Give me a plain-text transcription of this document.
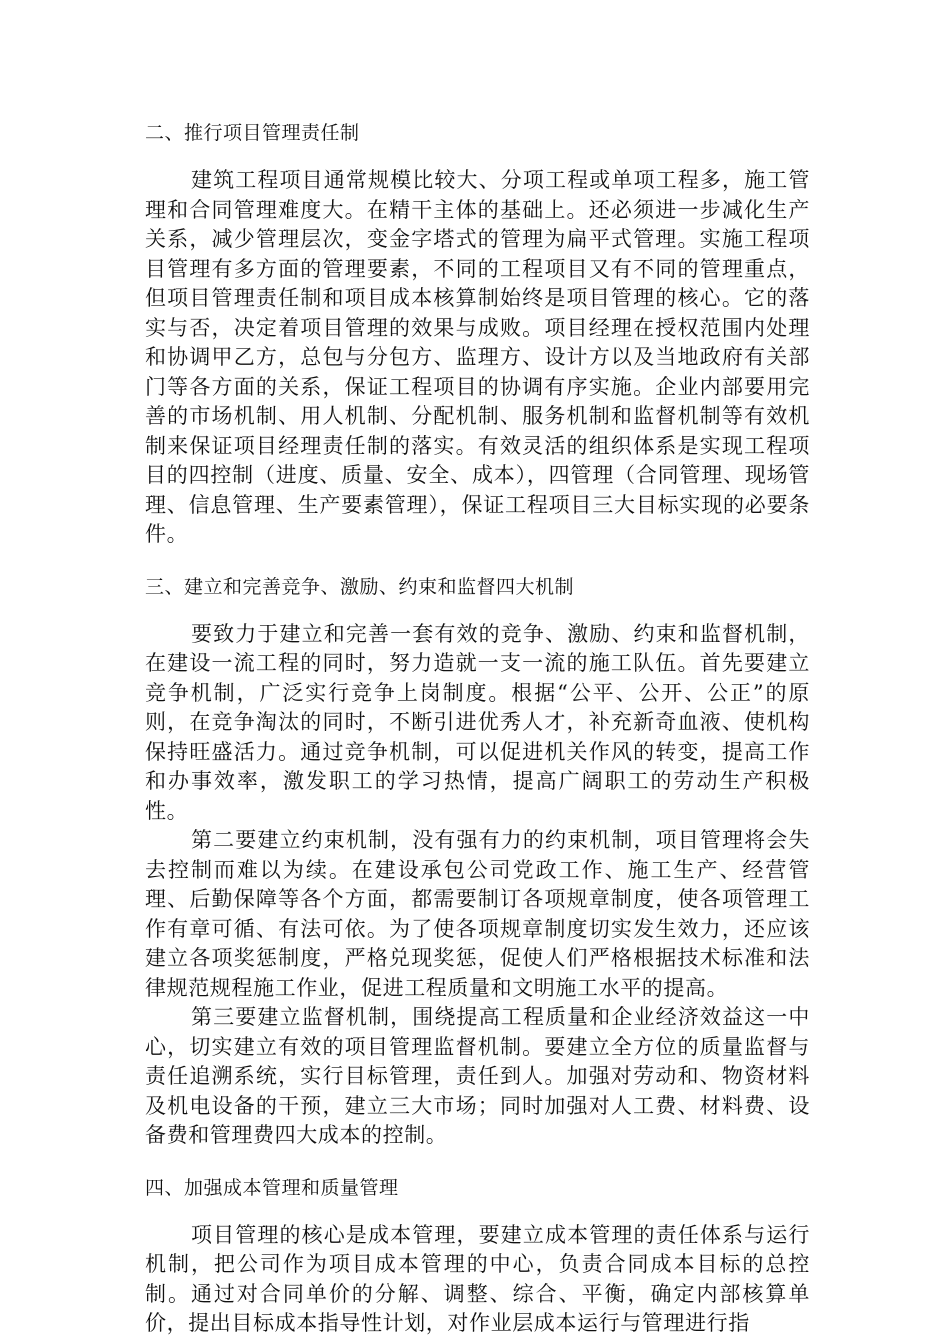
二、推行项目管理责任制

建筑工程项目通常规模比较大、分项工程或单项工程多，施工管理和合同管理难度大。在精干主体的基础上。还必须进一步减化生产关系，减少管理层次，变金字塔式的管理为扁平式管理。实施工程项目管理有多方面的管理要素，不同的工程项目又有不同的管理重点，但项目管理责任制和项目成本核算制始终是项目管理的核心。它的落实与否，决定着项目管理的效果与成败。项目经理在授权范围内处理和协调甲乙方，总包与分包方、监理方、设计方以及当地政府有关部门等各方面的关系，保证工程项目的协调有序实施。企业内部要用完善的市场机制、用人机制、分配机制、服务机制和监督机制等有效机制来保证项目经理责任制的落实。有效灵活的组织体系是实现工程项目的四控制（进度、质量、安全、成本），四管理（合同管理、现场管理、信息管理、生产要素管理），保证工程项目三大目标实现的必要条件。

三、建立和完善竞争、激励、约束和监督四大机制

要致力于建立和完善一套有效的竞争、激励、约束和监督机制，在建设一流工程的同时，努力造就一支一流的施工队伍。首先要建立竞争机制，广泛实行竞争上岗制度。根据“公平、公开、公正”的原则，在竞争淘汰的同时，不断引进优秀人才，补充新奇血液、使机构保持旺盛活力。通过竞争机制，可以促进机关作风的转变，提高工作和办事效率，激发职工的学习热情，提高广阔职工的劳动生产积极性。

第二要建立约束机制，没有强有力的约束机制，项目管理将会失去控制而难以为续。在建设承包公司党政工作、施工生产、经营管理、后勤保障等各个方面，都需要制订各项规章制度，使各项管理工作有章可循、有法可依。为了使各项规章制度切实发生效力，还应该建立各项奖惩制度，严格兑现奖惩，促使人们严格根据技术标准和法律规范规程施工作业，促进工程质量和文明施工水平的提高。

第三要建立监督机制，围绕提高工程质量和企业经济效益这一中心，切实建立有效的项目管理监督机制。要建立全方位的质量监督与责任追溯系统，实行目标管理，责任到人。加强对劳动和、物资材料及机电设备的干预，建立三大市场；同时加强对人工费、材料费、设备费和管理费四大成本的控制。

四、加强成本管理和质量管理

项目管理的核心是成本管理，要建立成本管理的责任体系与运行机制，把公司作为项目成本管理的中心，负责合同成本目标的总控制。通过对合同单价的分解、调整、综合、平衡，确定内部核算单价，提出目标成本指导性计划，对作业层成本运行与管理进行指
